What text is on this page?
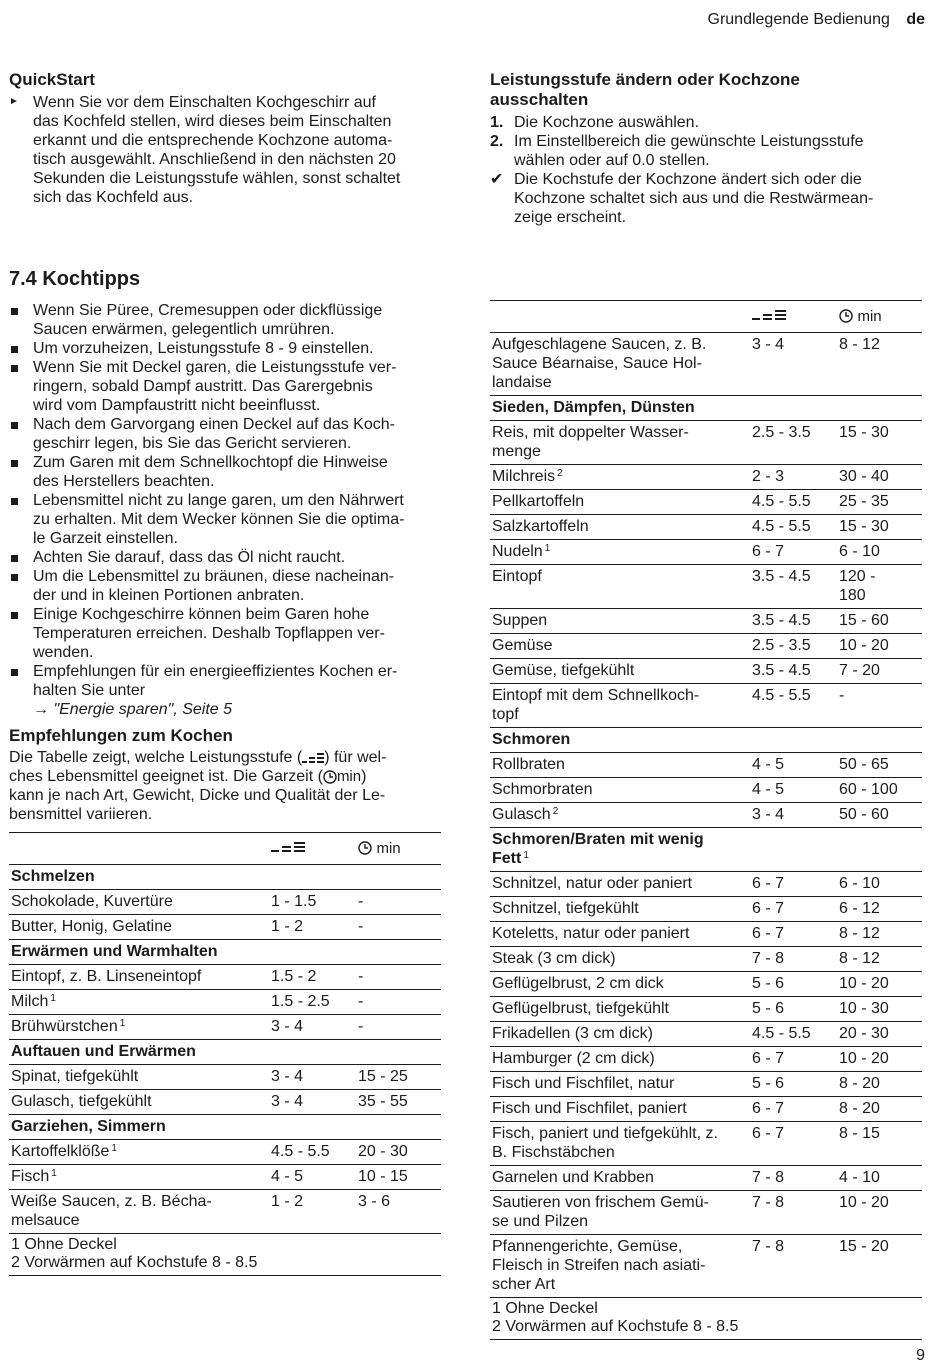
Grundlegende Bedienung de
QuickStart
► Wenn Sie vor dem Einschalten Kochgeschirr auf
das Kochfeld stellen, wird dieses beim Einschalten
erkannt und die entsprechende Kochzone automa-
tisch ausgewählt. Anschließend in den nächsten 20
Sekunden die Leistungsstufe wählen, sonst schaltet
sich das Kochfeld aus.
Leistungsstufe ändern oder Kochzone
ausschalten
1. Die Kochzone auswählen.
2. Im Einstellbereich die gewünschte Leistungsstufe
wählen oder auf 0.0 stellen.
✔ Die Kochstufe der Kochzone ändert sich oder die
Kochzone schaltet sich aus und die Restwärmean-
zeige erscheint.
7.4 Kochtipps
Wenn Sie Püree, Cremesuppen oder dickflüssige
Saucen erwärmen, gelegentlich umrühren.
Um vorzuheizen, Leistungsstufe 8 - 9 einstellen.
Wenn Sie mit Deckel garen, die Leistungsstufe ver-
ringern, sobald Dampf austritt. Das Garergebnis
wird vom Dampfaustritt nicht beeinflusst.
Nach dem Garvorgang einen Deckel auf das Koch-
geschirr legen, bis Sie das Gericht servieren.
Zum Garen mit dem Schnellkochtopf die Hinweise
des Herstellers beachten.
Lebensmittel nicht zu lange garen, um den Nährwert
zu erhalten. Mit dem Wecker können Sie die optima-
le Garzeit einstellen.
Achten Sie darauf, dass das Öl nicht raucht.
Um die Lebensmittel zu bräunen, diese nacheinan-
der und in kleinen Portionen anbraten.
Einige Kochgeschirre können beim Garen hohe
Temperaturen erreichen. Deshalb Topflappen ver-
wenden.
Empfehlungen für ein energieeffizientes Kochen er-
halten Sie unter
→ "Energie sparen", Seite 5
Empfehlungen zum Kochen
Die Tabelle zeigt, welche Leistungsstufe ( ) für wel-
ches Lebensmittel geeignet ist. Die Garzeit ( min)
kann je nach Art, Gewicht, Dicke und Qualität der Le-
bensmittel variieren.
		min
Schmelzen		
Schokolade, Kuvertüre	1 - 1.5	-
Butter, Honig, Gelatine	1 - 2	-
Erwärmen und Warmhalten		
Eintopf, z. B. Linseneintopf	1.5 - 2	-
Milch $^1$	1.5 - 2.5	-
Brühwürstchen $^1$	3 - 4	-
Auftauen und Erwärmen		
Spinat, tiefgekühlt	3 - 4	15 - 25
Gulasch, tiefgekühlt	3 - 4	35 - 55
Garziehen, Simmern		
Kartoffelklöße $^1$	4.5 - 5.5	20 - 30
Fisch $^1$	4 - 5	10 - 15

Weiße Saucen, z. B. Bécha-
melsauce	1 - 2	3 - 6
1 Ohne Deckel
2 Vorwärmen auf Kochstufe 8 - 8.5
		min

Aufgeschlagene Saucen, z. B.
Sauce Béarnaise, Sauce Hol-
landaise	3 - 4	8 - 12
Sieden, Dämpfen, Dünsten		

Reis, mit doppelter Wasser-
menge	2.5 - 3.5	15 - 30
Milchreis $^2$	2 - 3	30 - 40
Pellkartoffeln	4.5 - 5.5	25 - 35
Salzkartoffeln	4.5 - 5.5	15 - 30
Nudeln $^1$	6 - 7	6 - 10
Eintopf	3.5 - 4.5	120 -
180

Suppen	3.5 - 4.5	15 - 60
Gemüse	2.5 - 3.5	10 - 20
Gemüse, tiefgekühlt	3.5 - 4.5	7 - 20

Eintopf mit dem Schnellkoch-
topf	4.5 - 5.5	-
Schmoren		
Rollbraten	4 - 5	50 - 65
Schmorbraten	4 - 5	60 - 100
Gulasch $^2$	3 - 4	50 - 60

Schmoren/Braten mit wenig
Fett $^1$

Schnitzel, natur oder paniert	6 - 7	6 - 10
Schnitzel, tiefgekühlt	6 - 7	6 - 12
Koteletts, natur oder paniert	6 - 7	8 - 12
Steak (3 cm dick)	7 - 8	8 - 12
Geflügelbrust, 2 cm dick	5 - 6	10 - 20
Geflügelbrust, tiefgekühlt	5 - 6	10 - 30
Frikadellen (3 cm dick)	4.5 - 5.5	20 - 30
Hamburger (2 cm dick)	6 - 7	10 - 20
Fisch und Fischfilet, natur	5 - 6	8 - 20
Fisch und Fischfilet, paniert	6 - 7	8 - 20

Fisch, paniert und tiefgekühlt, z.
B. Fischstäbchen	6 - 7	8 - 15
Garnelen und Krabben	7 - 8	4 - 10

Sautieren von frischem Gemü-
se und Pilzen	7 - 8	10 - 20

Pfannengerichte, Gemüse,
Fleisch in Streifen nach asiati-
scher Art	7 - 8	15 - 20
1 Ohne Deckel
2 Vorwärmen auf Kochstufe 8 - 8.5
9
